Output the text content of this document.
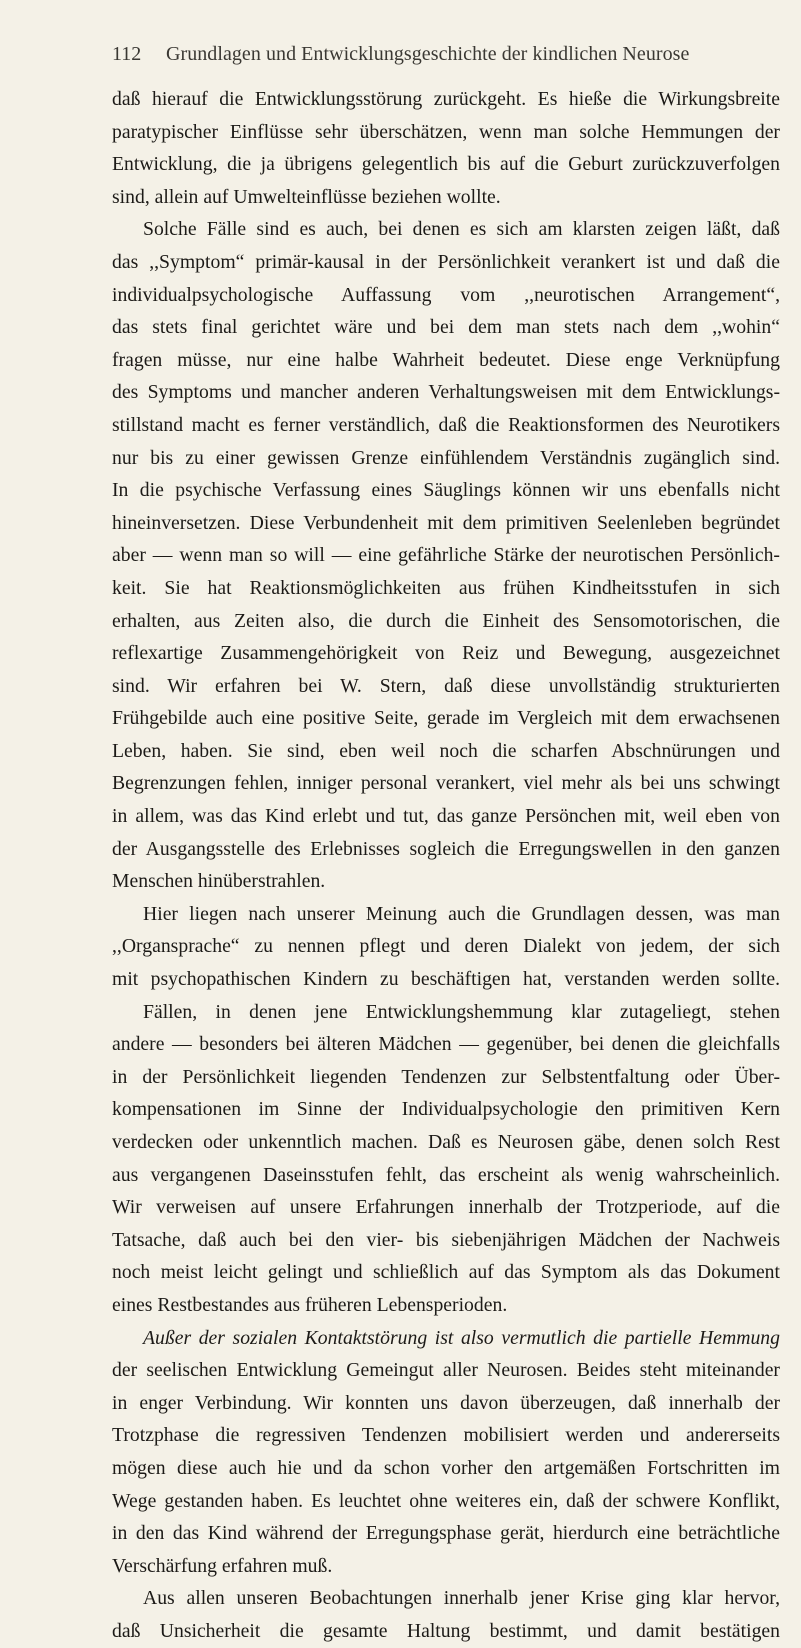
112 Grundlagen und Entwicklungsgeschichte der kindlichen Neurose
daß hierauf die Entwicklungsstörung zurückgeht. Es hieße die Wirkungsbreite
paratypischer Einflüsse sehr überschätzen, wenn man solche Hemmungen der
Entwicklung, die ja übrigens gelegentlich bis auf die Geburt zurückzuverfolgen
sind, allein auf Umwelteinflüsse beziehen wollte.
Solche Fälle sind es auch, bei denen es sich am klarsten zeigen läßt, daß
das ,,Symptom“ primär-kausal in der Persönlichkeit verankert ist und daß die
individualpsychologische Auffassung vom ,,neurotischen Arrangement“,
das stets final gerichtet wäre und bei dem man stets nach dem ,,wohin“
fragen müsse, nur eine halbe Wahrheit bedeutet. Diese enge Verknüpfung
des Symptoms und mancher anderen Verhaltungsweisen mit dem Entwicklungs-
stillstand macht es ferner verständlich, daß die Reaktionsformen des Neurotikers
nur bis zu einer gewissen Grenze einfühlendem Verständnis zugänglich sind.
In die psychische Verfassung eines Säuglings können wir uns ebenfalls nicht
hineinversetzen. Diese Verbundenheit mit dem primitiven Seelenleben begründet
aber — wenn man so will — eine gefährliche Stärke der neurotischen Persönlich-
keit. Sie hat Reaktionsmöglichkeiten aus frühen Kindheitsstufen in sich
erhalten, aus Zeiten also, die durch die Einheit des Sensomotorischen, die
reflexartige Zusammengehörigkeit von Reiz und Bewegung, ausgezeichnet
sind. Wir erfahren bei W. Stern, daß diese unvollständig strukturierten
Frühgebilde auch eine positive Seite, gerade im Vergleich mit dem erwachsenen
Leben, haben. Sie sind, eben weil noch die scharfen Abschnürungen und
Begrenzungen fehlen, inniger personal verankert, viel mehr als bei uns schwingt
in allem, was das Kind erlebt und tut, das ganze Persönchen mit, weil eben von
der Ausgangsstelle des Erlebnisses sogleich die Erregungswellen in den ganzen
Menschen hinüberstrahlen.
Hier liegen nach unserer Meinung auch die Grundlagen dessen, was man
,,Organsprache“ zu nennen pflegt und deren Dialekt von jedem, der sich
mit psychopathischen Kindern zu beschäftigen hat, verstanden werden sollte.
Fällen, in denen jene Entwicklungshemmung klar zutageliegt, stehen
andere — besonders bei älteren Mädchen — gegenüber, bei denen die gleichfalls
in der Persönlichkeit liegenden Tendenzen zur Selbstentfaltung oder Über-
kompensationen im Sinne der Individualpsychologie den primitiven Kern
verdecken oder unkenntlich machen. Daß es Neurosen gäbe, denen solch Rest
aus vergangenen Daseinsstufen fehlt, das erscheint als wenig wahrscheinlich.
Wir verweisen auf unsere Erfahrungen innerhalb der Trotzperiode, auf die
Tatsache, daß auch bei den vier- bis siebenjährigen Mädchen der Nachweis
noch meist leicht gelingt und schließlich auf das Symptom als das Dokument
eines Restbestandes aus früheren Lebensperioden.
Außer der sozialen Kontaktstörung ist also vermutlich die partielle Hemmung
der seelischen Entwicklung Gemeingut aller Neurosen. Beides steht miteinander
in enger Verbindung. Wir konnten uns davon überzeugen, daß innerhalb der
Trotzphase die regressiven Tendenzen mobilisiert werden und andererseits
mögen diese auch hie und da schon vorher den artgemäßen Fortschritten im
Wege gestanden haben. Es leuchtet ohne weiteres ein, daß der schwere Konflikt,
in den das Kind während der Erregungsphase gerät, hierdurch eine beträchtliche
Verschärfung erfahren muß.
Aus allen unseren Beobachtungen innerhalb jener Krise ging klar hervor,
daß Unsicherheit die gesamte Haltung bestimmt, und damit bestätigen
